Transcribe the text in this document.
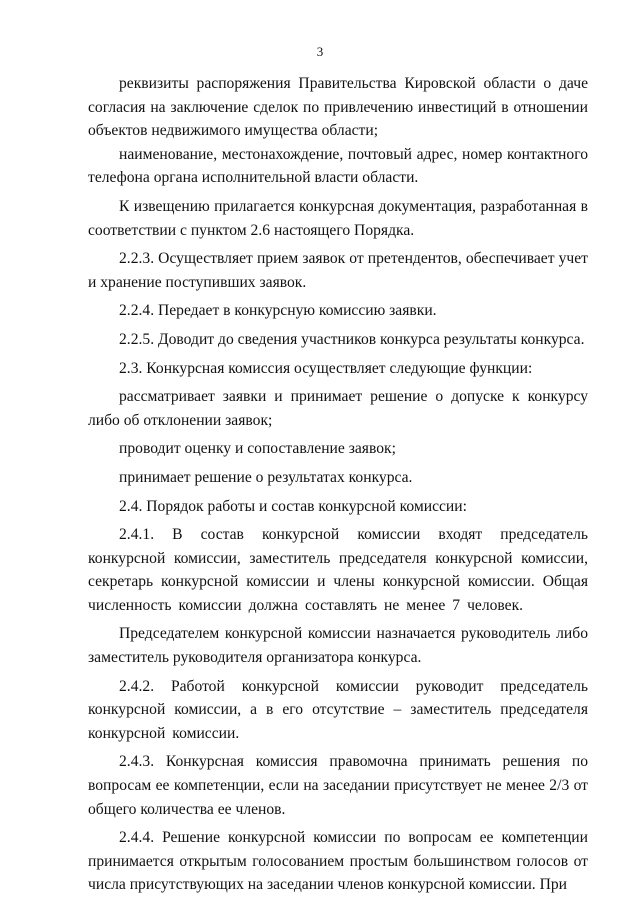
3

реквизиты распоряжения Правительства Кировской области о даче согласия на заключение сделок по привлечению инвестиций в отношении объектов недвижимого имущества области;

наименование, местонахождение, почтовый адрес, номер контактного телефона органа исполнительной власти области.

К извещению прилагается конкурсная документация, разработанная в соответствии с пунктом 2.6 настоящего Порядка.

2.2.3. Осуществляет прием заявок от претендентов, обеспечивает учет и хранение поступивших заявок.

2.2.4. Передает в конкурсную комиссию заявки.

2.2.5. Доводит до сведения участников конкурса результаты конкурса.

2.3. Конкурсная комиссия осуществляет следующие функции:

рассматривает заявки и принимает решение о допуске к конкурсу либо об отклонении заявок;

проводит оценку и сопоставление заявок;

принимает решение о результатах конкурса.

2.4. Порядок работы и состав конкурсной комиссии:

2.4.1. В состав конкурсной комиссии входят председатель конкурсной комиссии, заместитель председателя конкурсной комиссии, секретарь конкурсной комиссии и члены конкурсной комиссии. Общая численность комиссии должна составлять не менее 7 человек.

Председателем конкурсной комиссии назначается руководитель либо заместитель руководителя организатора конкурса.

2.4.2. Работой конкурсной комиссии руководит председатель конкурсной комиссии, а в его отсутствие – заместитель председателя конкурсной комиссии.

2.4.3. Конкурсная комиссия правомочна принимать решения по вопросам ее компетенции, если на заседании присутствует не менее 2/3 от общего количества ее членов.

2.4.4. Решение конкурсной комиссии по вопросам ее компетенции принимается открытым голосованием простым большинством голосов от числа присутствующих на заседании членов конкурсной комиссии. При
